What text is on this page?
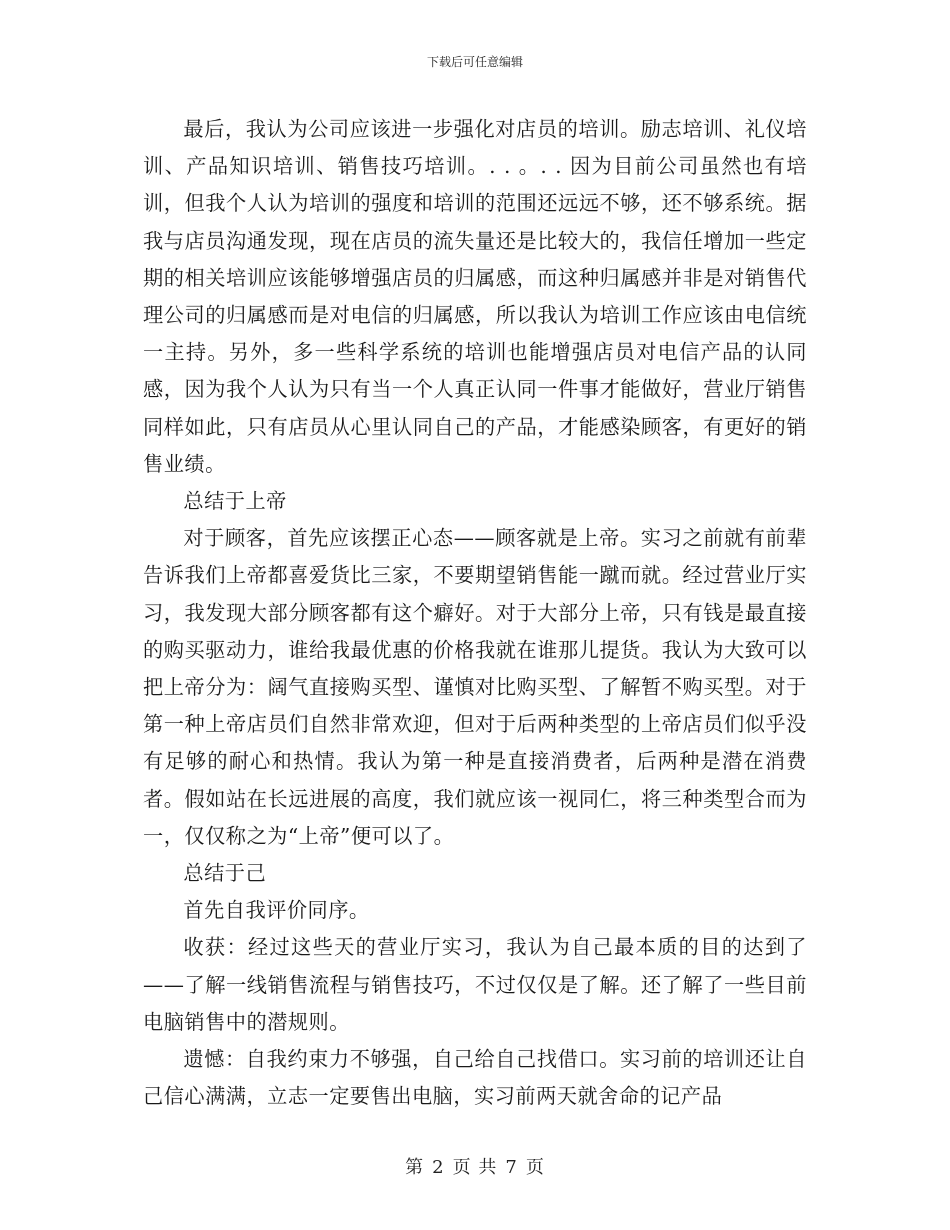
下载后可任意编辑

最后，我认为公司应该进一步强化对店员的培训。励志培训、礼仪培训、产品知识培训、销售技巧培训。. . 。. . 因为目前公司虽然也有培训，但我个人认为培训的强度和培训的范围还远远不够，还不够系统。据我与店员沟通发现，现在店员的流失量还是比较大的，我信任增加一些定期的相关培训应该能够增强店员的归属感，而这种归属感并非是对销售代理公司的归属感而是对电信的归属感，所以我认为培训工作应该由电信统一主持。另外，多一些科学系统的培训也能增强店员对电信产品的认同感，因为我个人认为只有当一个人真正认同一件事才能做好，营业厅销售同样如此，只有店员从心里认同自己的产品，才能感染顾客，有更好的销售业绩。

总结于上帝

对于顾客，首先应该摆正心态——顾客就是上帝。实习之前就有前辈告诉我们上帝都喜爱货比三家，不要期望销售能一蹴而就。经过营业厅实习，我发现大部分顾客都有这个癖好。对于大部分上帝，只有钱是最直接的购买驱动力，谁给我最优惠的价格我就在谁那儿提货。我认为大致可以把上帝分为：阔气直接购买型、谨慎对比购买型、了解暂不购买型。对于第一种上帝店员们自然非常欢迎，但对于后两种类型的上帝店员们似乎没有足够的耐心和热情。我认为第一种是直接消费者，后两种是潜在消费者。假如站在长远进展的高度，我们就应该一视同仁，将三种类型合而为一，仅仅称之为“上帝”便可以了。

总结于己

首先自我评价同序。

收获：经过这些天的营业厅实习，我认为自己最本质的目的达到了——了解一线销售流程与销售技巧，不过仅仅是了解。还了解了一些目前电脑销售中的潜规则。

遗憾：自我约束力不够强，自己给自己找借口。实习前的培训还让自己信心满满，立志一定要售出电脑，实习前两天就舍命的记产品

第 2 页 共 7 页
